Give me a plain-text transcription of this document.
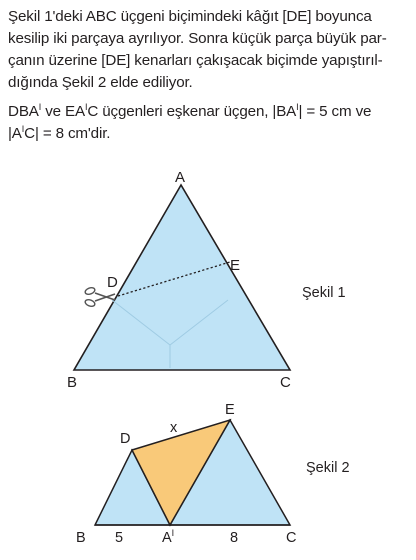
Şekil 1'deki ABC üçgeni biçimindeki kâğıt [DE] boyunca
kesilip iki parçaya ayrılıyor. Sonra küçük parça büyük par-
çanın üzerine [DE] kenarları çakışacak biçimde yapıştırıl-
dığında Şekil 2 elde ediliyor.

$DBA^I$ ve $EA^IC$ üçgenleri eşkenar üçgen, $|BA^I| = 5$ cm ve
$|A^IC| = 8$ cm'dir.

A
B	C
D
E
Şekil 1
B 5	$A^I$	8	C
D
E
x
Şekil 2
